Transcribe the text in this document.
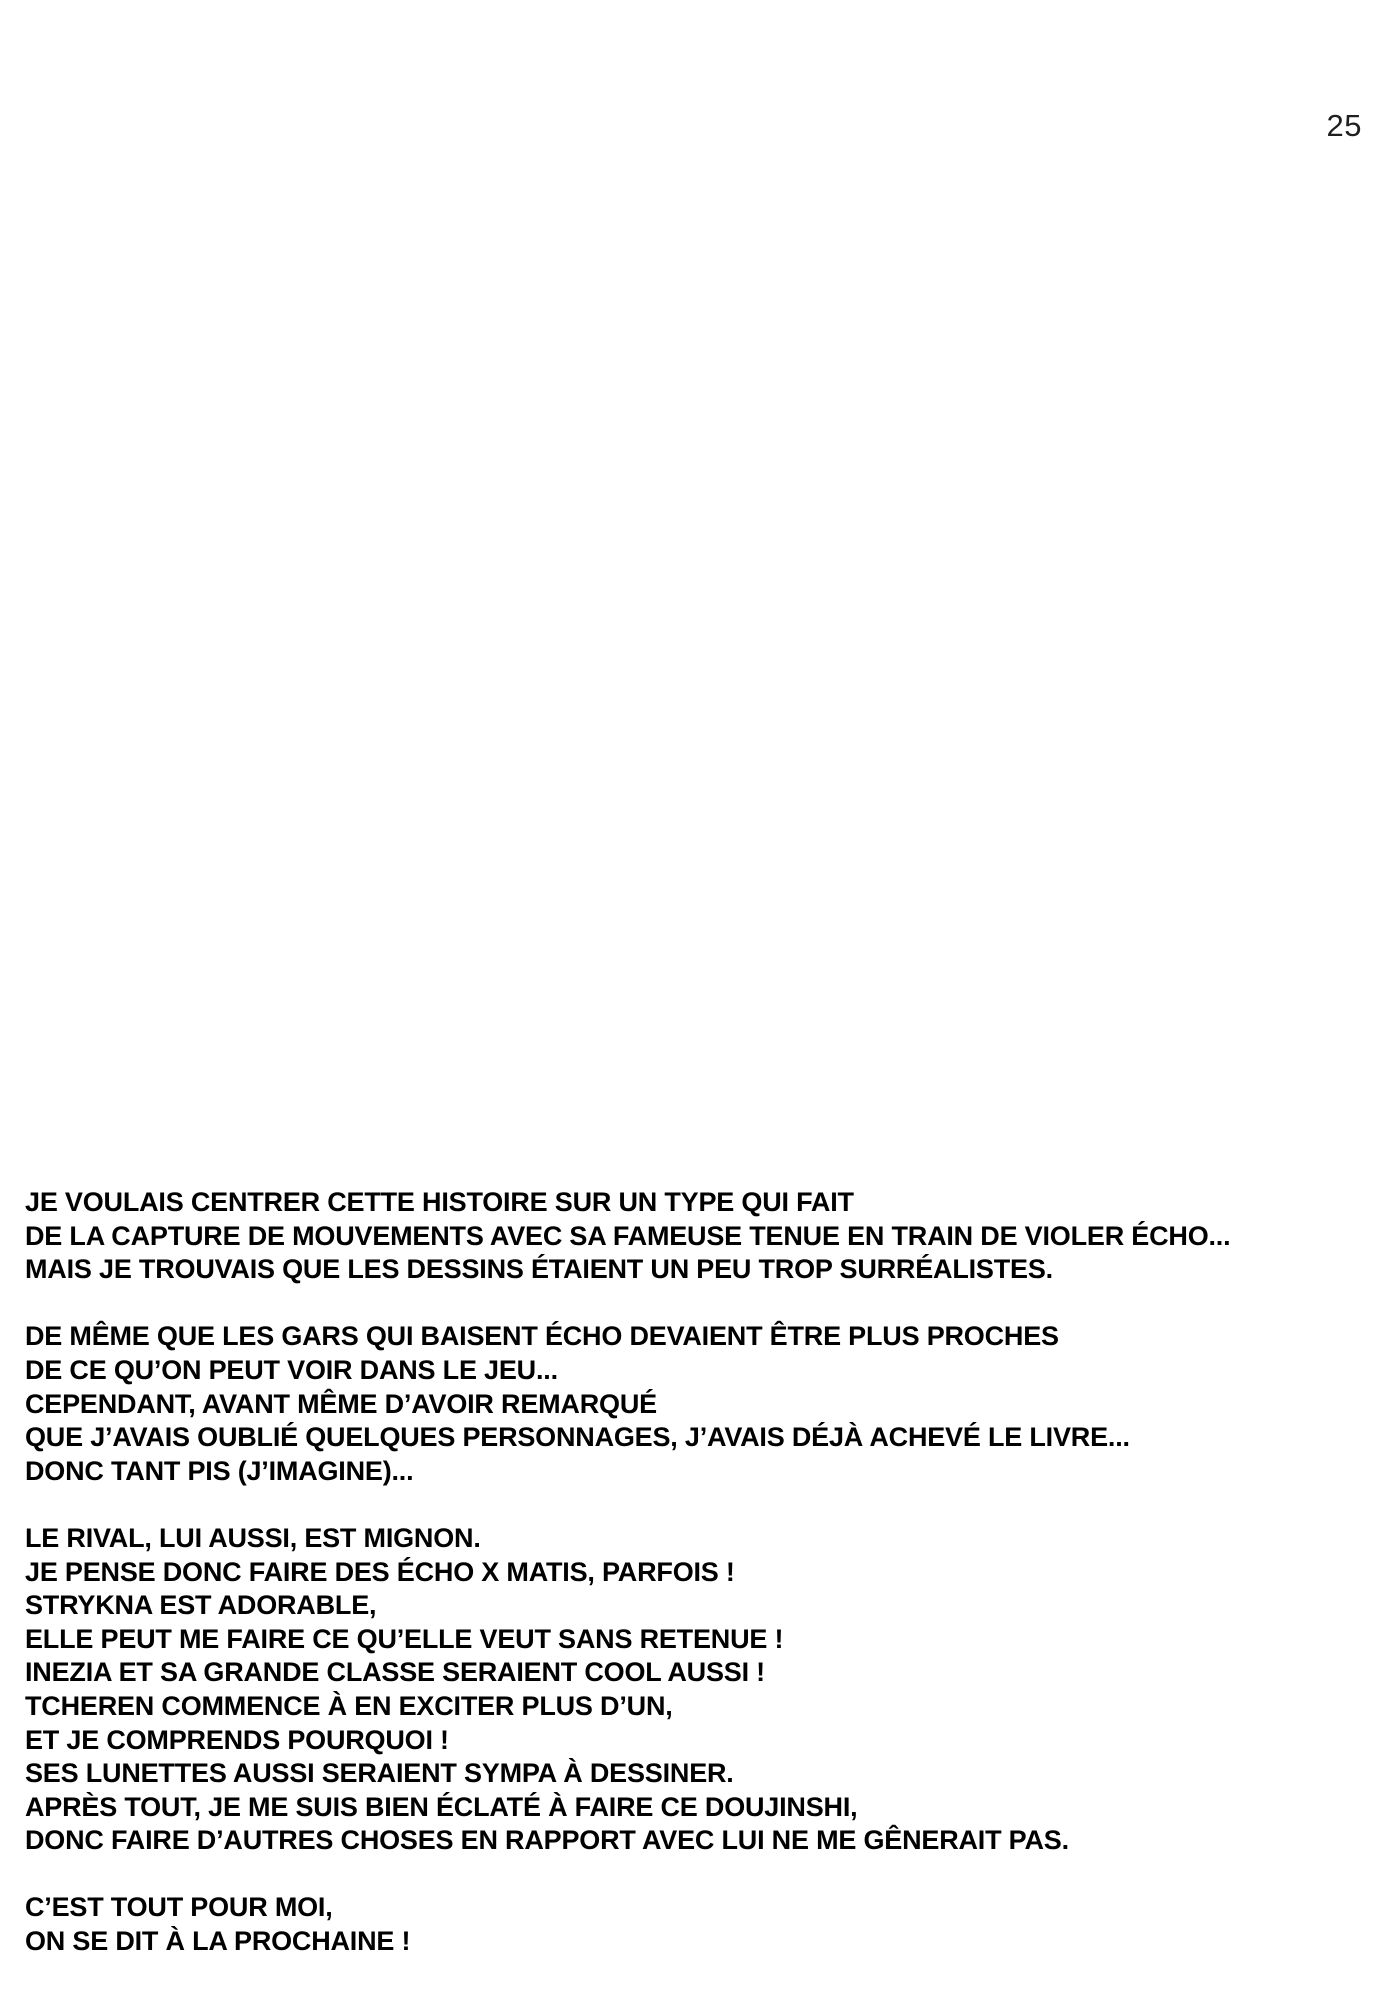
25

JE VOULAIS CENTRER CETTE HISTOIRE SUR UN TYPE QUI FAIT
DE LA CAPTURE DE MOUVEMENTS AVEC SA FAMEUSE TENUE EN TRAIN DE VIOLER ÉCHO...
MAIS JE TROUVAIS QUE LES DESSINS ÉTAIENT UN PEU TROP SURRÉALISTES.

DE MÊME QUE LES GARS QUI BAISENT ÉCHO DEVAIENT ÊTRE PLUS PROCHES
DE CE QU’ON PEUT VOIR DANS LE JEU...
CEPENDANT, AVANT MÊME D’AVOIR REMARQUÉ
QUE J’AVAIS OUBLIÉ QUELQUES PERSONNAGES, J’AVAIS DÉJÀ ACHEVÉ LE LIVRE...
DONC TANT PIS (J’IMAGINE)...

LE RIVAL, LUI AUSSI, EST MIGNON.
JE PENSE DONC FAIRE DES ÉCHO X MATIS, PARFOIS !
STRYKNA EST ADORABLE,
ELLE PEUT ME FAIRE CE QU’ELLE VEUT SANS RETENUE !
INEZIA ET SA GRANDE CLASSE SERAIENT COOL AUSSI !
TCHEREN COMMENCE À EN EXCITER PLUS D’UN,
ET JE COMPRENDS POURQUOI !
SES LUNETTES AUSSI SERAIENT SYMPA À DESSINER.
APRÈS TOUT, JE ME SUIS BIEN ÉCLATÉ À FAIRE CE DOUJINSHI,
DONC FAIRE D’AUTRES CHOSES EN RAPPORT AVEC LUI NE ME GÊNERAIT PAS.

C’EST TOUT POUR MOI,
ON SE DIT À LA PROCHAINE !
